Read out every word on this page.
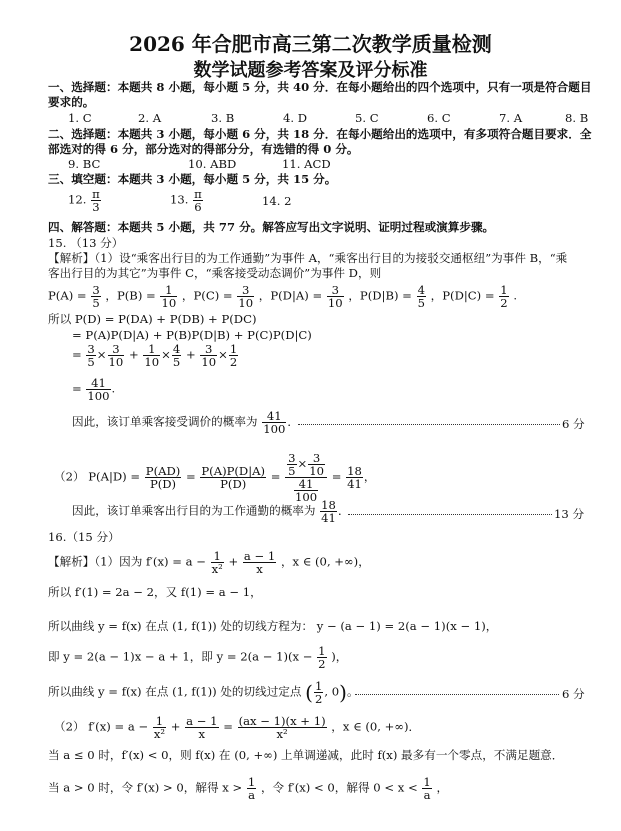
2026 年合肥市高三第二次教学质量检测
数学试题参考答案及评分标准
一、选择题：本题共 8 小题，每小题 5 分，共 40 分．在每小题给出的四个选项中，只有一项是符合题目
要求的。
1. C	2. A	3. B	4. D	5. C	6. C	7. A	8. B
二、选择题：本题共 3 小题，每小题 6 分，共 18 分．在每小题给出的选项中，有多项符合题目要求．全
部选对的得 6 分，部分选对的得部分分，有选错的得 0 分。
9. BC	10. ABD	11. ACD
三、填空题：本题共 3 小题，每小题 5 分，共 15 分。
12. $\frac{\pi}{3}$	13. $\frac{\pi}{6}$	14. 2
四、解答题：本题共 5 小题，共 77 分。解答应写出文字说明、证明过程或演算步骤。
15. （13 分）
【解析】（1）设“乘客出行目的为工作通勤”为事件 A，“乘客出行目的为接驳交通枢纽”为事件 B，“乘
客出行目的为其它”为事件 C，“乘客接受动态调价”为事件 D，则
$P(A) = \frac{3}{5}$ ，$P(B) = \frac{1}{10}$ ，$P(C) = \frac{3}{10}$ ，$P(D|A) = \frac{3}{10}$ ，$P(D|B) = \frac{4}{5}$ ，$P(D|C) = \frac{1}{2}$ .
所以 P(D) = P(DA) + P(DB) + P(DC)
= P(A)P(D|A) + P(B)P(D|B) + P(C)P(D|C)
= $\frac{3}{5} \times \frac{3}{10} + \frac{1}{10} \times \frac{4}{5} + \frac{3}{10} \times \frac{1}{2}$
= $\frac{41}{100}$ .
因此，该订单乘客接受调价的概率为 $\frac{41}{100}$ ．	6 分
（2） $P(A|D) = \frac{P(AD)}{P(D)} = \frac{P(A)P(D|A)}{P(D)} = \frac{\frac{3}{5} \times \frac{3}{10}}{\frac{41}{100}} = \frac{18}{41}$ ，
因此，该订单乘客出行目的为工作通勤的概率为 $\frac{18}{41}$ ．	13 分
16.（15 分）
【解析】（1）因为 $f'(x) = a - \frac{1}{\text{x²}} + \frac{a - 1}{x}$ ，x ∈ (0, +∞)，
所以 f′(1) = 2a − 2，又 f(1) = a − 1，
所以曲线 y = f(x) 在点 (1, f(1)) 处的切线方程为： y − (a − 1) = 2(a − 1)(x − 1)，
即 y = 2(a − 1)x − a + 1，即 $y = 2(a - 1)(x - \frac{1}{2}$ )，
所以曲线 y = f(x) 在点 (1, f(1)) 处的切线过定点 ( $\frac{1}{2}$ , 0)。	6 分
（2） $f'(x) = a - \frac{1}{\text{x²}} + \frac{a - 1}{x} = \frac{(ax - 1)(x + 1)}{\text{x²}}$ ，x ∈ (0, +∞)．
当 a ≤ 0 时，f′(x) < 0，则 f(x) 在 (0, +∞) 上单调递减，此时 f(x) 最多有一个零点，不满足题意．
当 a > 0 时，令 f′(x) > 0，解得 $x > \frac{1}{a}$ ，令 f′(x) < 0，解得 $0 < x < \frac{1}{a}$ ，
